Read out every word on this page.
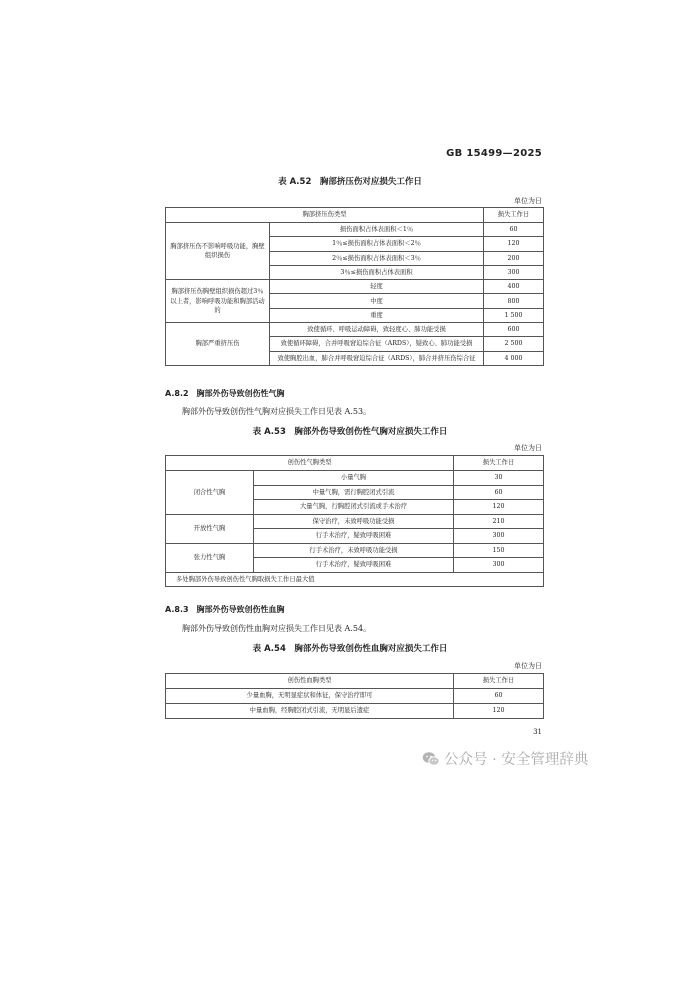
GB 15499—2025
表 A.52　胸部挤压伤对应损失工作日
单位为日
胸部挤压伤类型		损失工作日
胸部挤压伤不影响呼吸功能，胸壁组织损伤	损伤面积占体表面积＜1％	60
	1％≤损伤面积占体表面积＜2％	120
	2％≤损伤面积占体表面积＜3％	200
	3％≤损伤面积占体表面积	300
胸部挤压伤胸壁组织损伤超过3％以上者，影响呼吸功能和胸部活动的	轻度	400
	中度	800
	重度	1 500
胸部严重挤压伤	致使循环、呼吸运动障碍，致轻度心、肺功能受损	600
	致使循环障碍，合并呼吸窘迫综合征（ARDS），疑致心、肺功能受损	2 500
	致使胸腔出血，肺合并呼吸窘迫综合征（ARDS），肺合并挤压伤综合征	4 000
A.8.2　胸部外伤导致创伤性气胸
胸部外伤导致创伤性气胸对应损失工作日见表 A.53。
表 A.53　胸部外伤导致创伤性气胸对应损失工作日
单位为日
创伤性气胸类型		损失工作日
闭合性气胸	小量气胸	30
	中量气胸，需行胸腔闭式引流	60
	大量气胸，行胸腔闭式引流或手术治疗	120
开放性气胸	保守治疗，未致呼吸功能受损	210
	行手术治疗，疑致呼吸困难	300
张力性气胸	行手术治疗，未致呼吸功能受损	150
	行手术治疗，疑致呼吸困难	300
多处胸部外伤导致创伤性气胸取损失工作日最大值		
A.8.3　胸部外伤导致创伤性血胸
胸部外伤导致创伤性血胸对应损失工作日见表 A.54。
表 A.54　胸部外伤导致创伤性血胸对应损失工作日
单位为日
创伤性血胸类型	损失工作日
少量血胸，无明显症状和体征，保守治疗即可	60
中量血胸，经胸腔闭式引流，无明显后遗症	120
31
公众号 · 安全管理辞典
